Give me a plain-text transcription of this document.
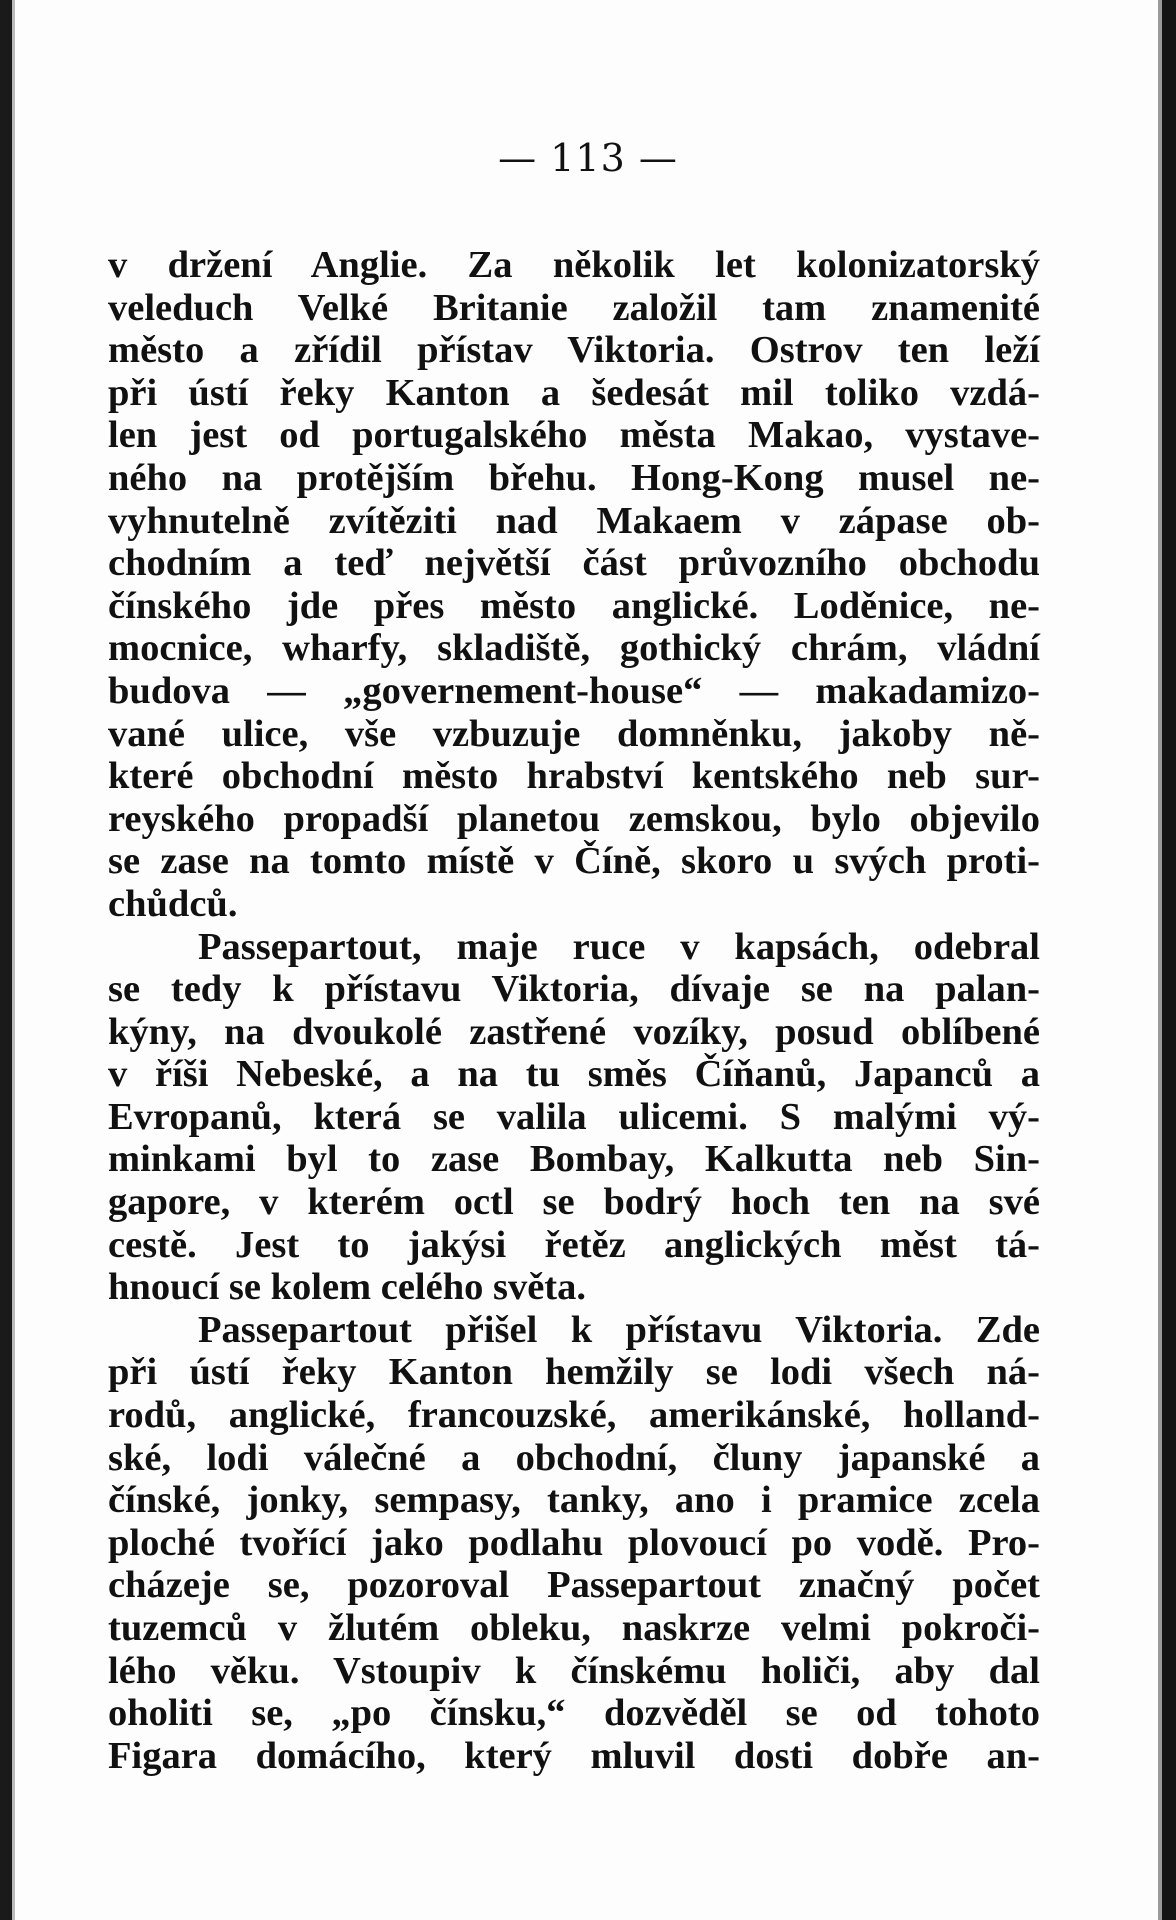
— 113 —
v držení Anglie. Za několik let kolonizatorský
veleduch Velké Britanie založil tam znamenité
město a zřídil přístav Viktoria. Ostrov ten leží
při ústí řeky Kanton a šedesát mil toliko vzdá-
len jest od portugalského města Makao, vystave-
ného na protějším břehu. Hong-Kong musel ne-
vyhnutelně zvítěziti nad Makaem v zápase ob-
chodním a teď největší část průvozního obchodu
čínského jde přes město anglické. Loděnice, ne-
mocnice, wharfy, skladiště, gothický chrám, vládní
budova — „governement-house“ — makadamizo-
vané ulice, vše vzbuzuje domněnku, jakoby ně-
které obchodní město hrabství kentského neb sur-
reyského propadší planetou zemskou, bylo objevilo
se zase na tomto místě v Číně, skoro u svých proti-
chůdců.
Passepartout, maje ruce v kapsách, odebral
se tedy k přístavu Viktoria, dívaje se na palan-
kýny, na dvoukolé zastřené vozíky, posud oblíbené
v říši Nebeské, a na tu směs Číňanů, Japanců a
Evropanů, která se valila ulicemi. S malými vý-
minkami byl to zase Bombay, Kalkutta neb Sin-
gapore, v kterém octl se bodrý hoch ten na své
cestě. Jest to jakýsi řetěz anglických měst tá-
hnoucí se kolem celého světa.
Passepartout přišel k přístavu Viktoria. Zde
při ústí řeky Kanton hemžily se lodi všech ná-
rodů, anglické, francouzské, amerikánské, holland-
ské, lodi válečné a obchodní, čluny japanské a
čínské, jonky, sempasy, tanky, ano i pramice zcela
ploché tvořící jako podlahu plovoucí po vodě. Pro-
cházeje se, pozoroval Passepartout značný počet
tuzemců v žlutém obleku, naskrze velmi pokroči-
lého věku. Vstoupiv k čínskému holiči, aby dal
oholiti se, „po čínsku,“ dozvěděl se od tohoto
Figara domácího, který mluvil dosti dobře an-
